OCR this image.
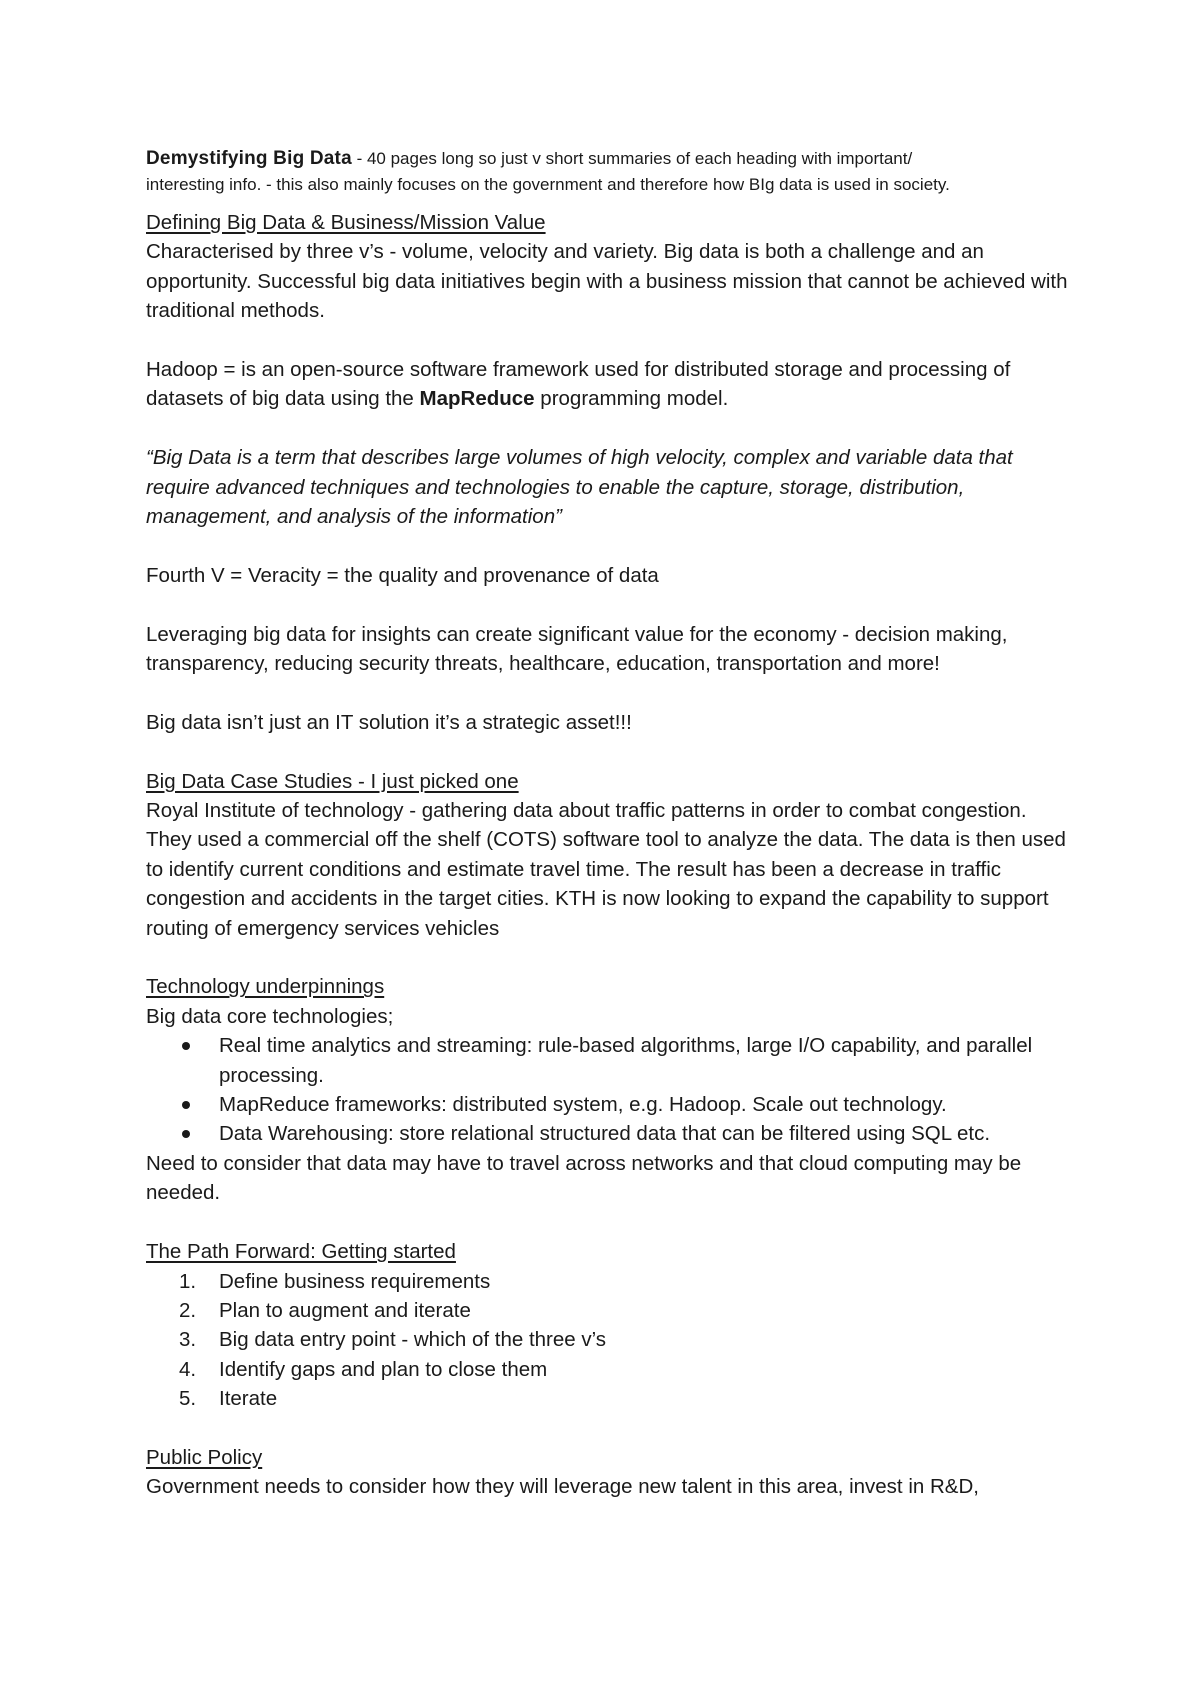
Demystifying Big Data - 40 pages long so just v short summaries of each heading with important/
interesting info. - this also mainly focuses on the government and therefore how BIg data is used in society.

Defining Big Data & Business/Mission Value

Characterised by three v’s - volume, velocity and variety. Big data is both a challenge and an opportunity. Successful big data initiatives begin with a business mission that cannot be achieved with traditional methods.

Hadoop = is an open-source software framework used for distributed storage and processing of datasets of big data using the MapReduce programming model.

“Big Data is a term that describes large volumes of high velocity, complex and variable data that require advanced techniques and technologies to enable the capture, storage, distribution, management, and analysis of the information”

Fourth V = Veracity = the quality and provenance of data

Leveraging big data for insights can create significant value for the economy - decision making, transparency, reducing security threats, healthcare, education, transportation and more!

Big data isn’t just an IT solution it’s a strategic asset!!!

Big Data Case Studies - I just picked one

Royal Institute of technology - gathering data about traffic patterns in order to combat congestion. They used a commercial off the shelf (COTS) software tool to analyze the data. The data is then used to identify current conditions and estimate travel time. The result has been a decrease in traffic congestion and accidents in the target cities. KTH is now looking to expand the capability to support routing of emergency services vehicles

Technology underpinnings

Big data core technologies;

Real time analytics and streaming: rule-based algorithms, large I/O capability, and parallel processing.
MapReduce frameworks: distributed system, e.g. Hadoop. Scale out technology.
Data Warehousing: store relational structured data that can be filtered using SQL etc.

Need to consider that data may have to travel across networks and that cloud computing may be needed.

The Path Forward: Getting started

1.	Define business requirements
2.	Plan to augment and iterate
3.	Big data entry point - which of the three v’s
4.	Identify gaps and plan to close them
5.	Iterate

Public Policy

Government needs to consider how they will leverage new talent in this area, invest in R&D,
